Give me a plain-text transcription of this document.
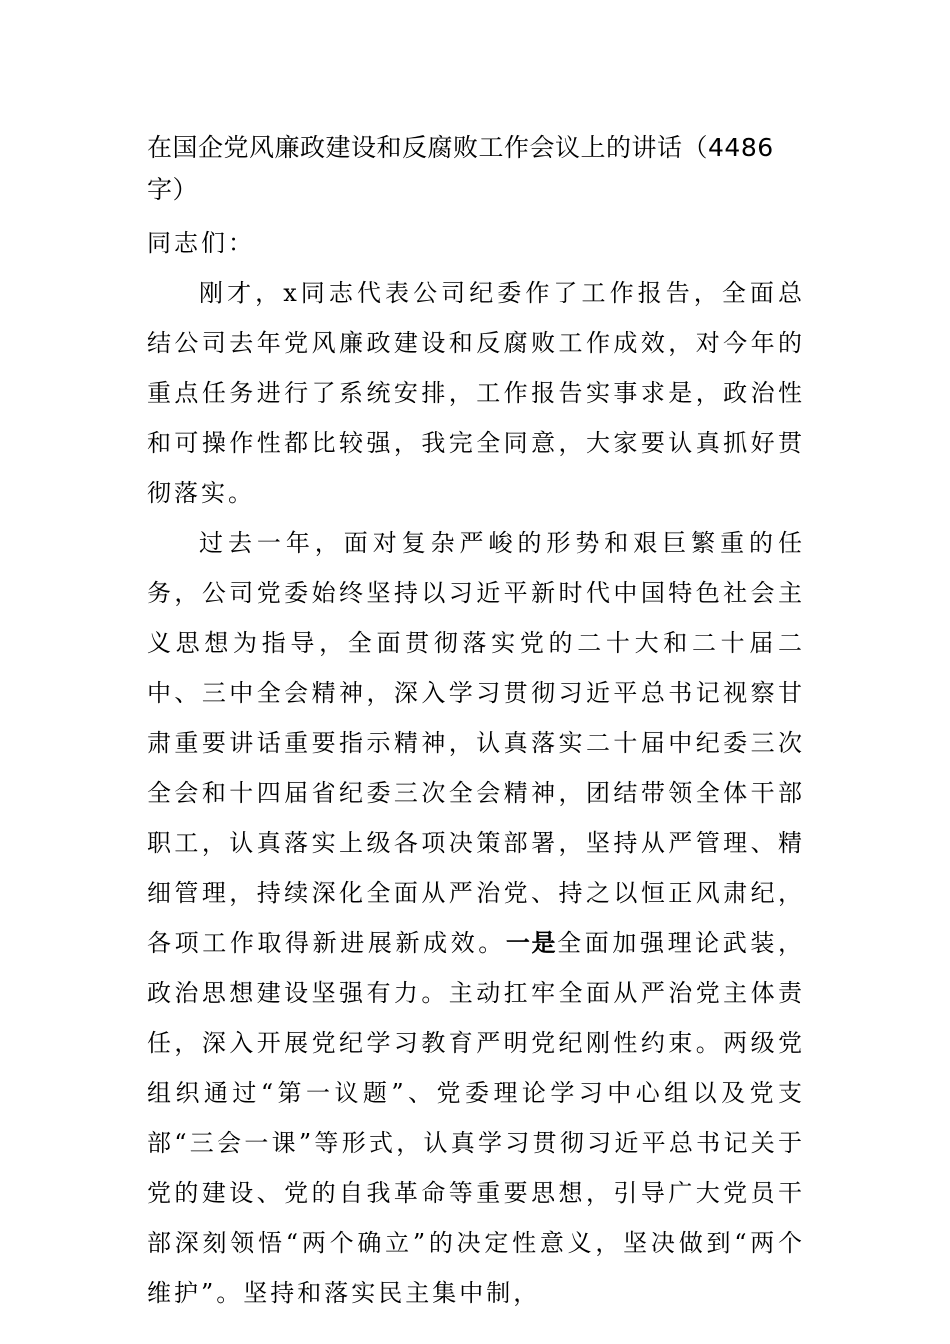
在国企党风廉政建设和反腐败工作会议上的讲话（4486字）

同志们：

刚才，x同志代表公司纪委作了工作报告，全面总结公司去年党风廉政建设和反腐败工作成效，对今年的重点任务进行了系统安排，工作报告实事求是，政治性和可操作性都比较强，我完全同意，大家要认真抓好贯彻落实。

过去一年，面对复杂严峻的形势和艰巨繁重的任务，公司党委始终坚持以习近平新时代中国特色社会主义思想为指导，全面贯彻落实党的二十大和二十届二中、三中全会精神，深入学习贯彻习近平总书记视察甘肃重要讲话重要指示精神，认真落实二十届中纪委三次全会和十四届省纪委三次全会精神，团结带领全体干部职工，认真落实上级各项决策部署，坚持从严管理、精细管理，持续深化全面从严治党、持之以恒正风肃纪，各项工作取得新进展新成效。一是全面加强理论武装，政治思想建设坚强有力。主动扛牢全面从严治党主体责任，深入开展党纪学习教育严明党纪刚性约束。两级党组织通过“第一议题”、党委理论学习中心组以及党支部“三会一课”等形式，认真学习贯彻习近平总书记关于党的建设、党的自我革命等重要思想，引导广大党员干部深刻领悟“两个确立”的决定性意义，坚决做到“两个维护”。坚持和落实民主集中制，
